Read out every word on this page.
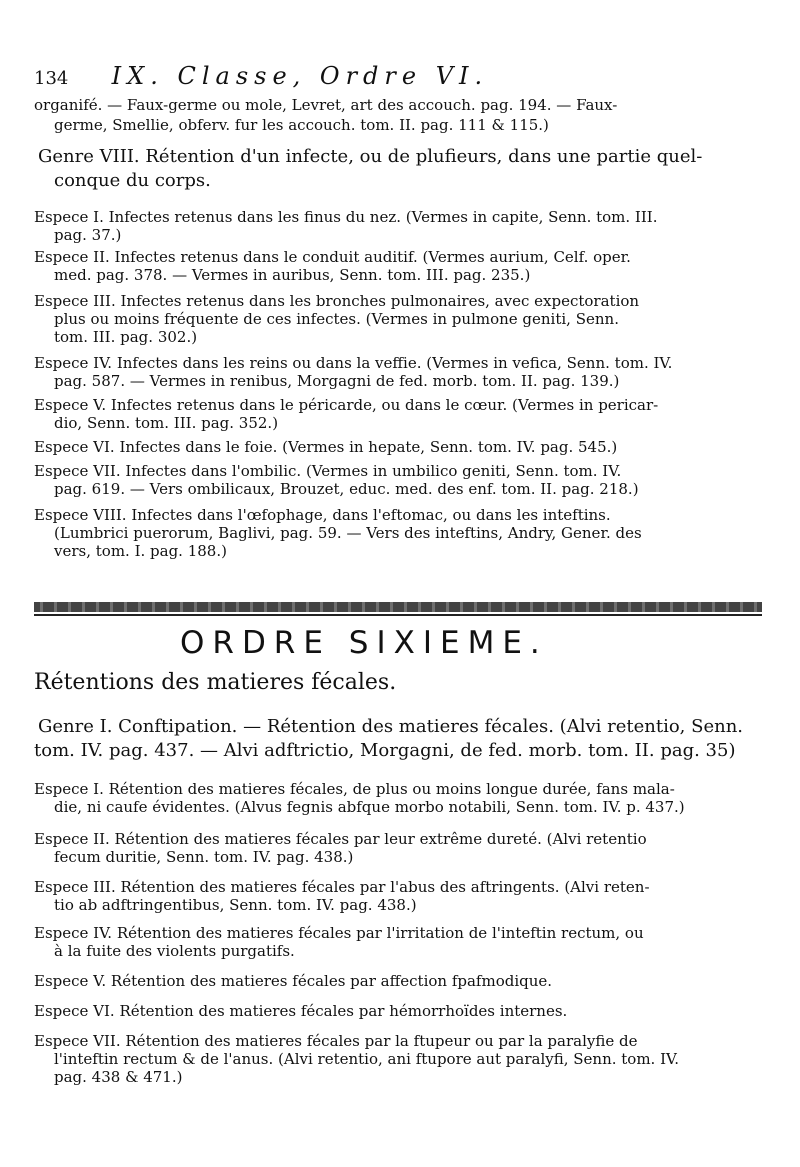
134 IX. Classe, Ordre VI.
organifé. — Faux-germe ou mole, Levret, art des accouch. pag. 194. — Faux-
germe, Smellie, obferv. fur les accouch. tom. II. pag. 111 & 115.)
Genre VIII. Rétention d'un infecte, ou de plufieurs, dans une partie quel-
conque du corps.
Espece I. Infectes retenus dans les finus du nez. (Vermes in capite, Senn. tom. III.
pag. 37.)
Espece II. Infectes retenus dans le conduit auditif. (Vermes aurium, Celf. oper.
med. pag. 378. — Vermes in auribus, Senn. tom. III. pag. 235.)
Espece III. Infectes retenus dans les bronches pulmonaires, avec expectoration
plus ou moins fréquente de ces infectes. (Vermes in pulmone geniti, Senn.
tom. III. pag. 302.)
Espece IV. Infectes dans les reins ou dans la veffie. (Vermes in vefica, Senn. tom. IV.
pag. 587. — Vermes in renibus, Morgagni de fed. morb. tom. II. pag. 139.)
Espece V. Infectes retenus dans le péricarde, ou dans le cœur. (Vermes in pericar-
dio, Senn. tom. III. pag. 352.)
Espece VI. Infectes dans le foie. (Vermes in hepate, Senn. tom. IV. pag. 545.)
Espece VII. Infectes dans l'ombilic. (Vermes in umbilico geniti, Senn. tom. IV.
pag. 619. — Vers ombilicaux, Brouzet, educ. med. des enf. tom. II. pag. 218.)
Espece VIII. Infectes dans l'œfophage, dans l'eftomac, ou dans les inteftins.
(Lumbrici puerorum, Baglivi, pag. 59. — Vers des inteftins, Andry, Gener. des
vers, tom. I. pag. 188.)
ORDRE SIXIEME.
Rétentions des matieres fécales.
Genre I. Conftipation. — Rétention des matieres fécales. (Alvi retentio, Senn.
tom. IV. pag. 437. — Alvi adftrictio, Morgagni, de fed. morb. tom. II. pag. 35)
Espece I. Rétention des matieres fécales, de plus ou moins longue durée, fans mala-
die, ni caufe évidentes. (Alvus fegnis abfque morbo notabili, Senn. tom. IV. p. 437.)
Espece II. Rétention des matieres fécales par leur extrême dureté. (Alvi retentio
fecum duritie, Senn. tom. IV. pag. 438.)
Espece III. Rétention des matieres fécales par l'abus des aftringents. (Alvi reten-
tio ab adftringentibus, Senn. tom. IV. pag. 438.)
Espece IV. Rétention des matieres fécales par l'irritation de l'inteftin rectum, ou
à la fuite des violents purgatifs.
Espece V. Rétention des matieres fécales par affection fpafmodique.
Espece VI. Rétention des matieres fécales par hémorrhoïdes internes.
Espece VII. Rétention des matieres fécales par la ftupeur ou par la paralyfie de
l'inteftin rectum & de l'anus. (Alvi retentio, ani ftupore aut paralyfi, Senn. tom. IV.
pag. 438 & 471.)
